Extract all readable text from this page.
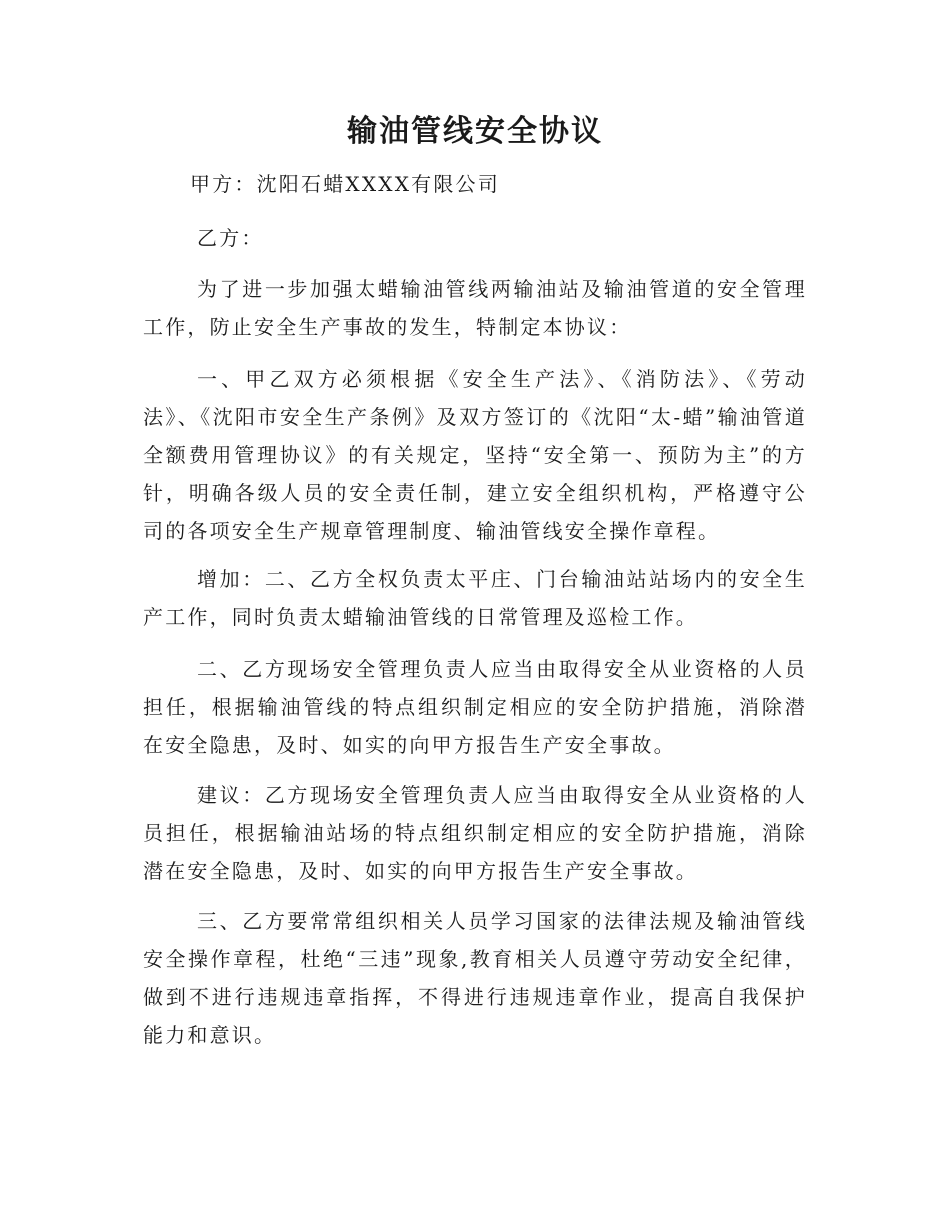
输油管线安全协议

甲方：沈阳石蜡XXXX有限公司

乙方：

为了进一步加强太蜡输油管线两输油站及输油管道的安全管理工作，防止安全生产事故的发生，特制定本协议：

一、甲乙双方必须根据《安全生产法》、《消防法》、《劳动法》、《沈阳市安全生产条例》及双方签订的《沈阳“太-蜡”输油管道全额费用管理协议》的有关规定，坚持“安全第一、预防为主”的方针，明确各级人员的安全责任制，建立安全组织机构，严格遵守公司的各项安全生产规章管理制度、输油管线安全操作章程。

增加：二、乙方全权负责太平庄、门台输油站站场内的安全生产工作，同时负责太蜡输油管线的日常管理及巡检工作。

二、乙方现场安全管理负责人应当由取得安全从业资格的人员担任，根据输油管线的特点组织制定相应的安全防护措施，消除潜在安全隐患，及时、如实的向甲方报告生产安全事故。

建议：乙方现场安全管理负责人应当由取得安全从业资格的人员担任，根据输油站场的特点组织制定相应的安全防护措施，消除潜在安全隐患，及时、如实的向甲方报告生产安全事故。

三、乙方要常常组织相关人员学习国家的法律法规及输油管线安全操作章程，杜绝“三违”现象,教育相关人员遵守劳动安全纪律，做到不进行违规违章指挥，不得进行违规违章作业，提高自我保护能力和意识。
